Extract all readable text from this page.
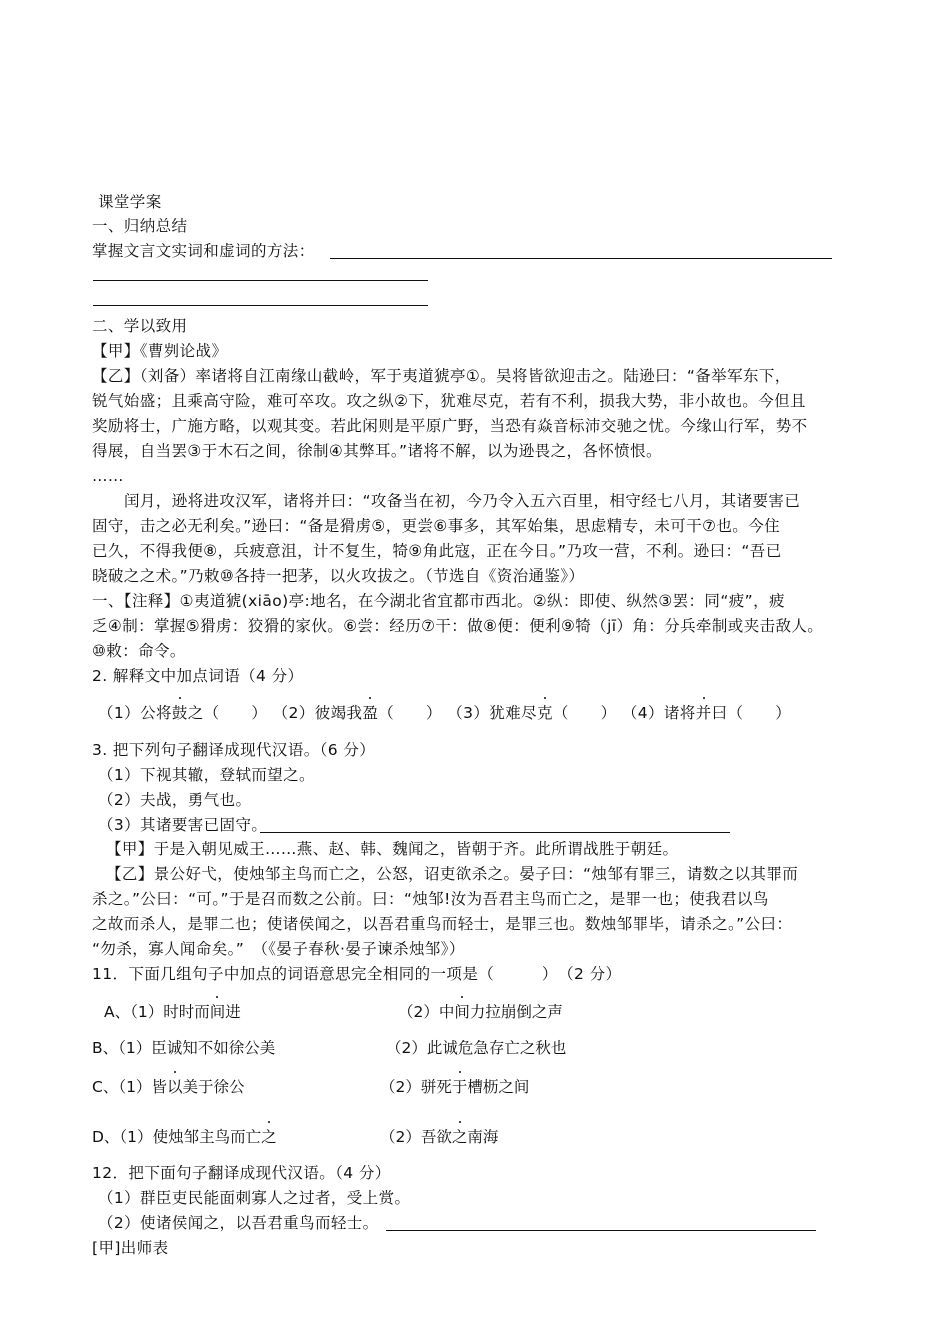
课堂学案
一、归纳总结
掌握文言文实词和虚词的方法：
二、学以致用
【甲】《曹刿论战》
【乙】（刘备）率诸将自江南缘山截岭，军于夷道猇亭①。吴将皆欲迎击之。陆逊曰：“备举军东下，
锐气始盛；且乘高守险，难可卒攻。攻之纵②下，犹难尽克，若有不利，损我大势，非小故也。今但且
奖励将士，广施方略，以观其变。若此闲则是平原广野，当恐有焱音标沛交驰之忧。今缘山行军，势不
得展，自当罢③于木石之间，徐制④其弊耳。”诸将不解，以为逊畏之，各怀愤恨。
……
闰月，逊将进攻汉军，诸将并曰：“攻备当在初，今乃令入五六百里，相守经七八月，其诸要害已
固守，击之必无利矣。”逊曰：“备是猾虏⑤，更尝⑥事多，其军始集，思虑精专，未可干⑦也。今住
已久，不得我便⑧，兵疲意沮，计不复生，犄⑨角此寇，正在今日。”乃攻一营，不利。逊曰：“吾已
晓破之之术。”乃敕⑩各持一把茅，以火攻拔之。（节选自《资治通鉴》）
一、【注释】①夷道猇(xiāo)亭:地名，在今湖北省宜都市西北。②纵：即使、纵然③罢：同“疲”，疲
乏④制：掌握⑤猾虏：狡猾的家伙。⑥尝：经历⑦干：做⑧便：便利⑨犄（jī）角：分兵牵制或夹击敌人。
⑩敕：命令。
2. 解释文中加点词语（4 分）
（1）公将鼓之（　　） （2）彼竭我盈（　　） （3）犹难尽克（　　） （4）诸将并曰（　　）
3. 把下列句子翻译成现代汉语。（6 分）
（1）下视其辙，登轼而望之。
（2）夫战，勇气也。
（3）其诸要害已固守。
【甲】于是入朝见威王……燕、赵、韩、魏闻之，皆朝于齐。此所谓战胜于朝廷。
【乙】景公好弋，使烛邹主鸟而亡之，公怒，诏吏欲杀之。晏子曰：“烛邹有罪三，请数之以其罪而
杀之。”公曰：“可。”于是召而数之公前。曰：“烛邹!汝为吾君主鸟而亡之，是罪一也；使我君以鸟
之故而杀人，是罪二也；使诸侯闻之，以吾君重鸟而轻士，是罪三也。数烛邹罪毕，请杀之。”公曰：
“勿杀，寡人闻命矣。”　（《晏子春秋·晏子谏杀烛邹》）
11．下面几组句子中加点的词语意思完全相同的一项是（　　　）　（2 分）
A、（1）时时而间进	（2）中间力拉崩倒之声
B、（1）臣诚知不如徐公美	（2）此诚危急存亡之秋也
C、（1）皆以美于徐公	（2）骈死于槽枥之间
D、（1）使烛邹主鸟而亡之	（2）吾欲之南海
12．把下面句子翻译成现代汉语。（4 分）
（1）群臣吏民能面刺寡人之过者，受上赏。
（2）使诸侯闻之，以吾君重鸟而轻士。
[甲]出师表
